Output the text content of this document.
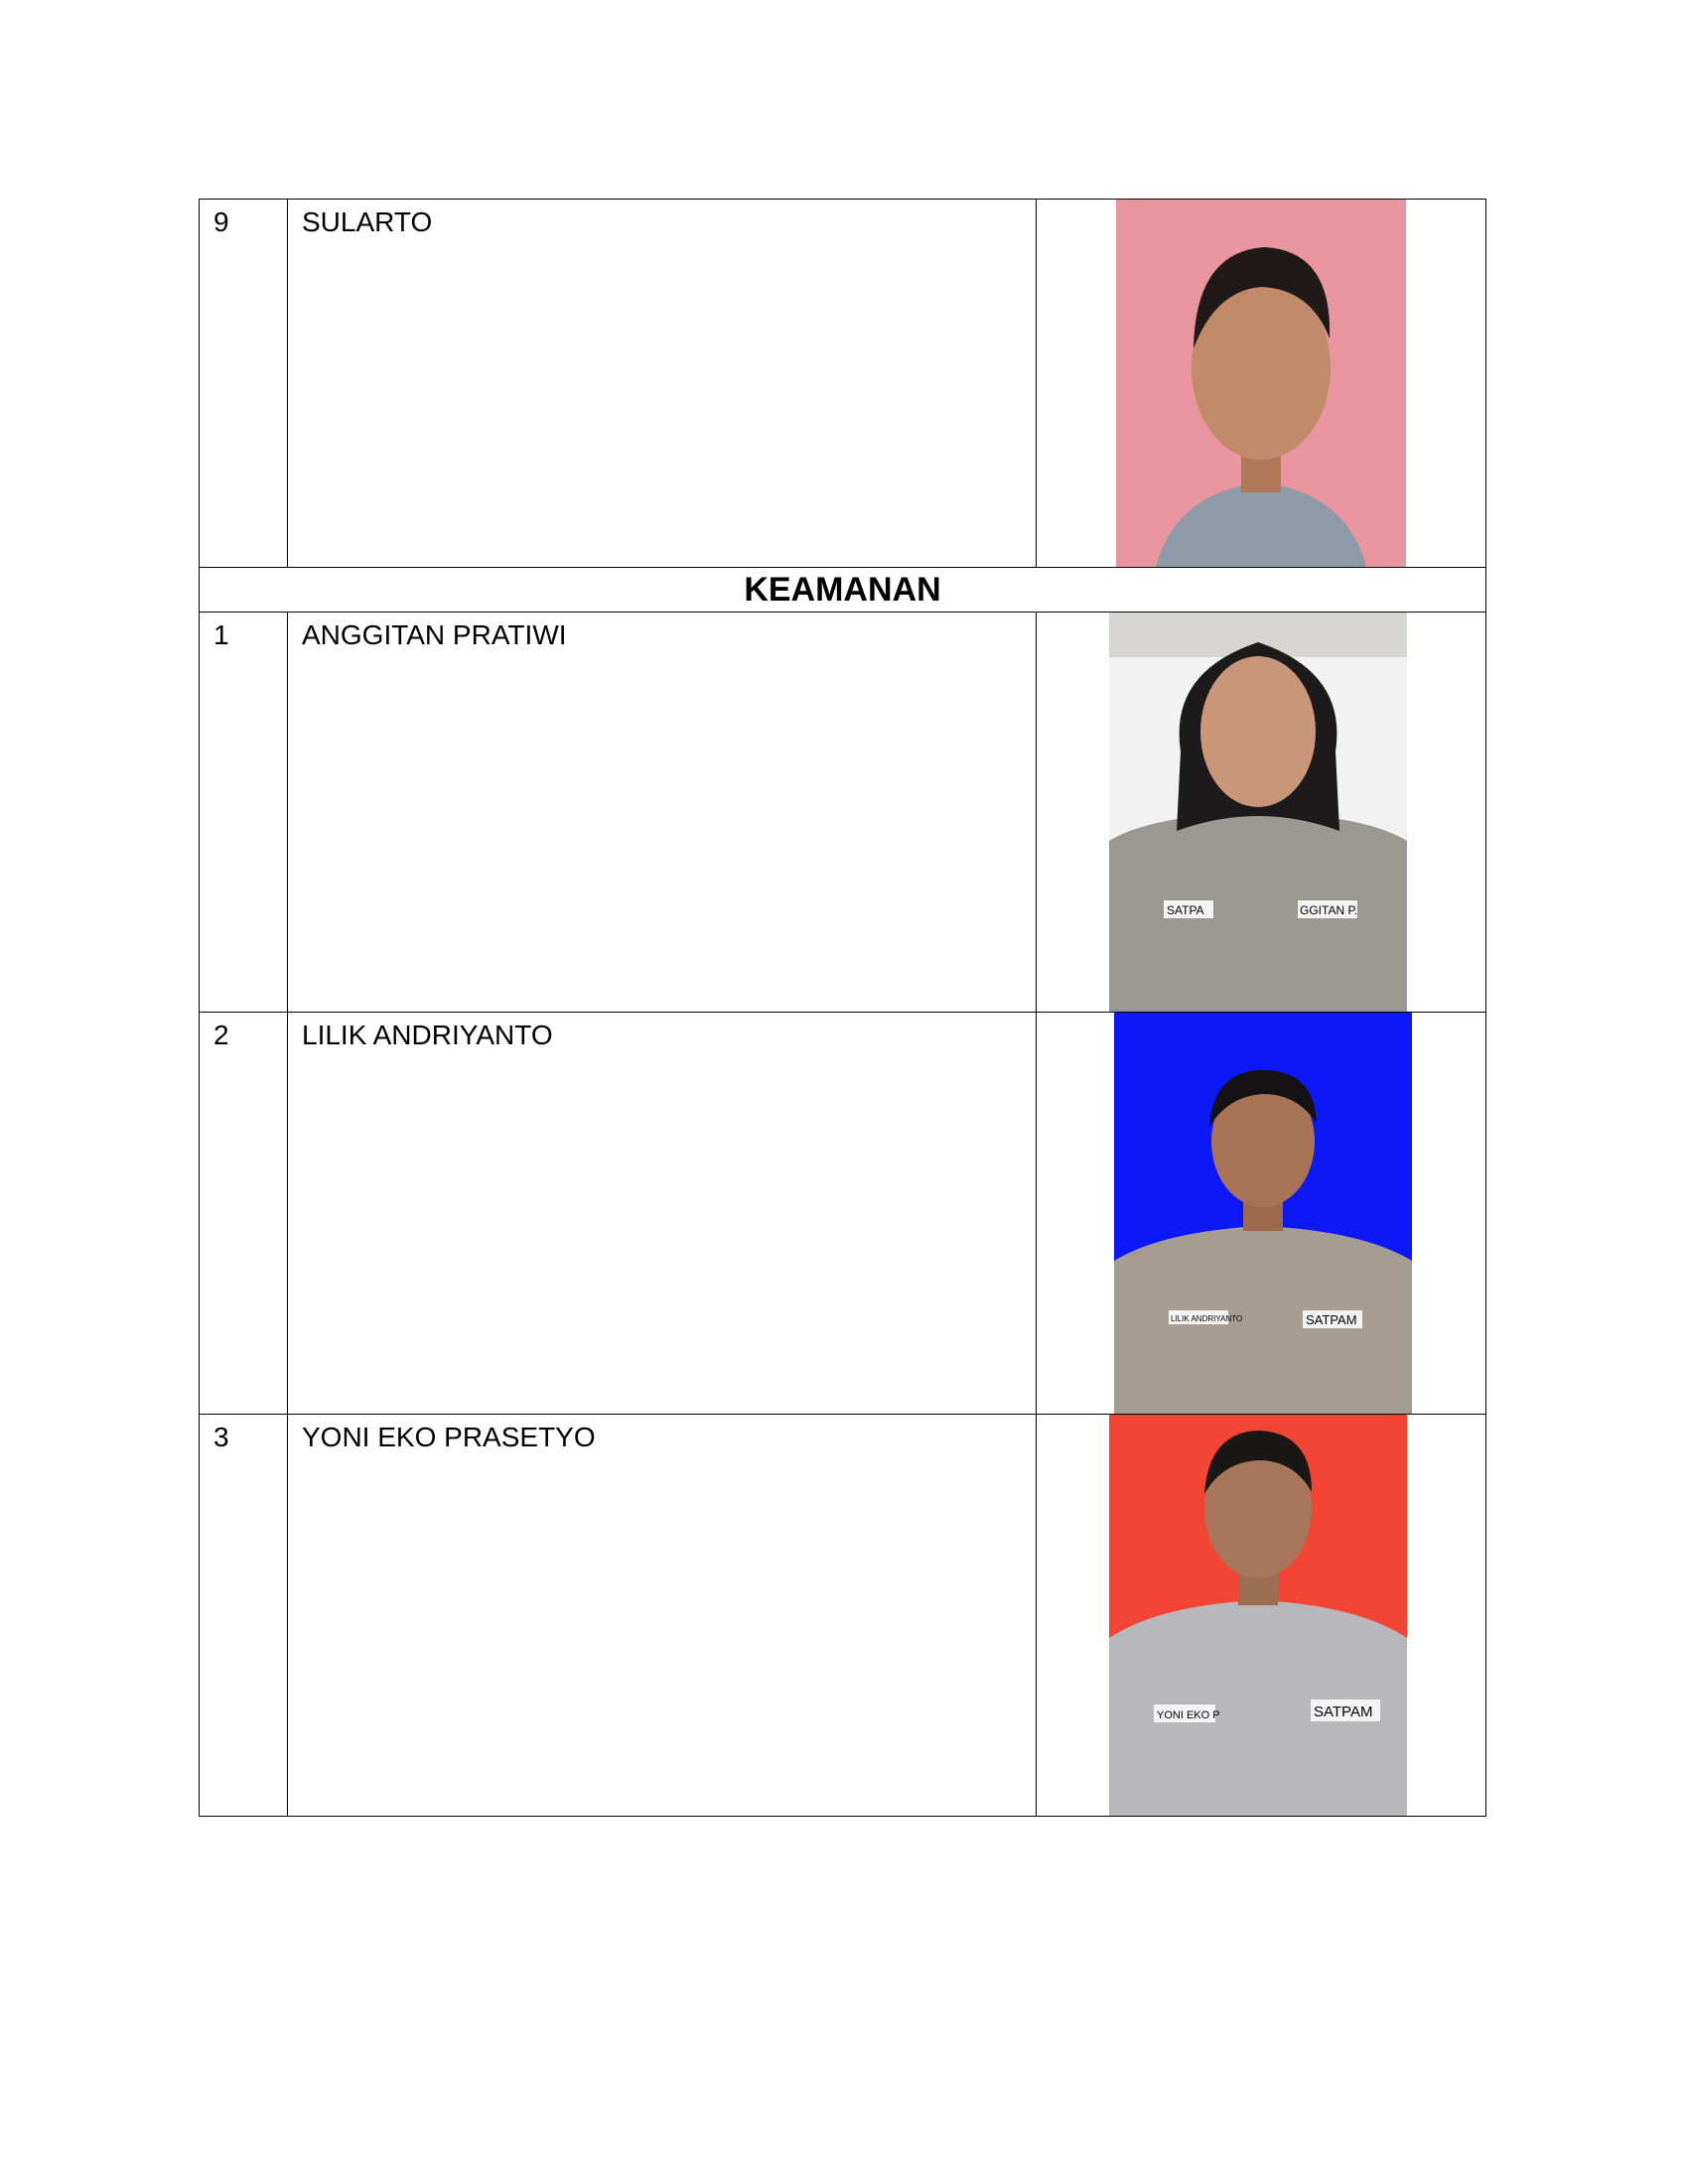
9	SULARTO

KEAMANAN		

1	ANGGITAN PRATIWI	SATPA GGITAN P.

2	LILIK ANDRIYANTO	LILIK ANDRIYANTO SATPAM

3	YONI EKO PRASETYO	YONI EKO P SATPAM
